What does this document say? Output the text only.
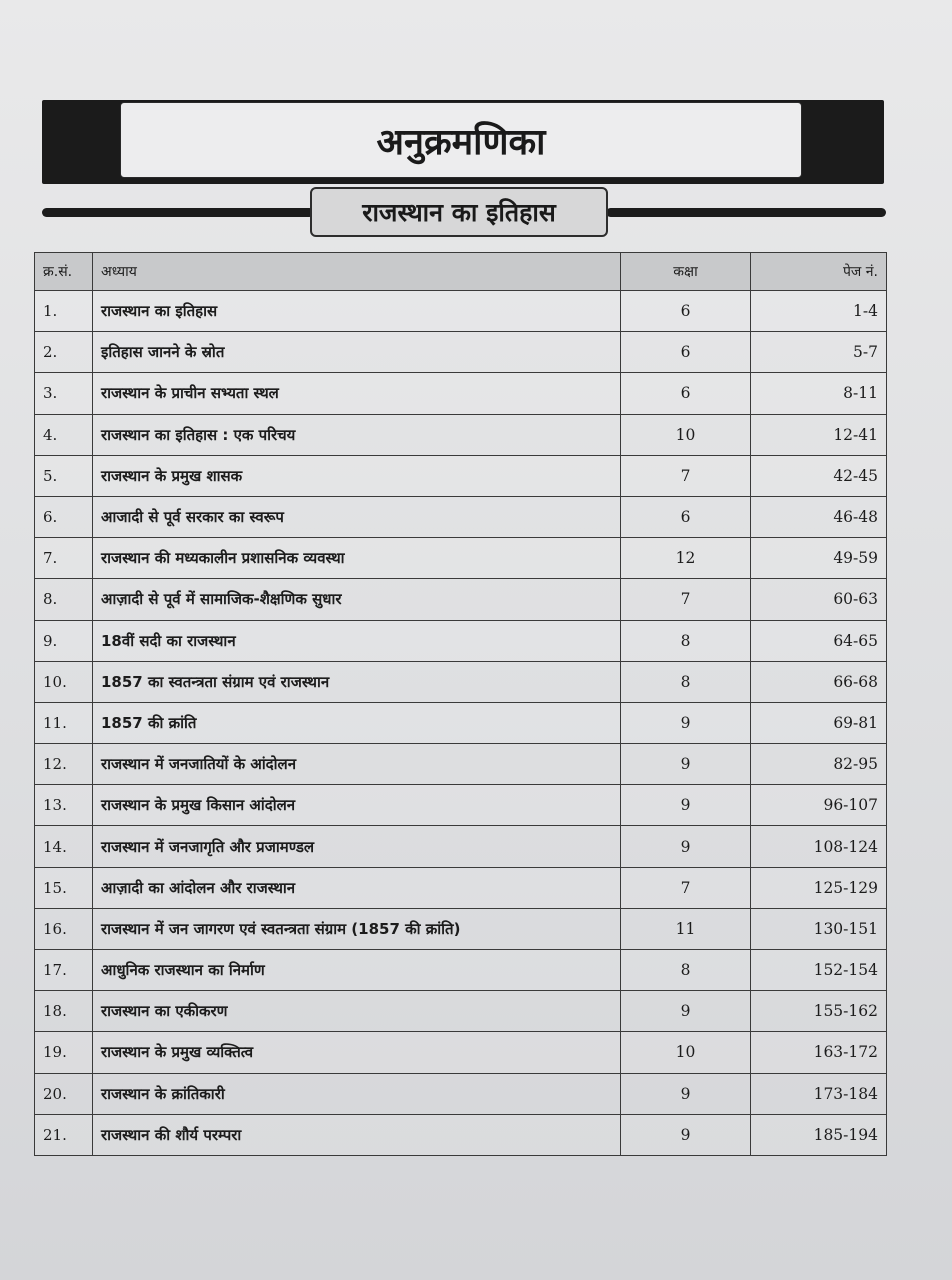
अनुक्रमणिका
राजस्थान का इतिहास
क्र.सं.	अध्याय	कक्षा	पेज नं.
1.	राजस्थान का इतिहास	6	1-4
2.	इतिहास जानने के स्रोत	6	5-7
3.	राजस्थान के प्राचीन सभ्यता स्थल	6	8-11
4.	राजस्थान का इतिहास : एक परिचय	10	12-41
5.	राजस्थान के प्रमुख शासक	7	42-45
6.	आजादी से पूर्व सरकार का स्वरूप	6	46-48
7.	राजस्थान की मध्यकालीन प्रशासनिक व्यवस्था	12	49-59
8.	आज़ादी से पूर्व में सामाजिक-शैक्षणिक सुधार	7	60-63
9.	18वीं सदी का राजस्थान	8	64-65
10.	1857 का स्वतन्त्रता संग्राम एवं राजस्थान	8	66-68
11.	1857 की क्रांति	9	69-81
12.	राजस्थान में जनजातियों के आंदोलन	9	82-95
13.	राजस्थान के प्रमुख किसान आंदोलन	9	96-107
14.	राजस्थान में जनजागृति और प्रजामण्डल	9	108-124
15.	आज़ादी का आंदोलन और राजस्थान	7	125-129
16.	राजस्थान में जन जागरण एवं स्वतन्त्रता संग्राम (1857 की क्रांति)	11	130-151
17.	आधुनिक राजस्थान का निर्माण	8	152-154
18.	राजस्थान का एकीकरण	9	155-162
19.	राजस्थान के प्रमुख व्यक्तित्व	10	163-172
20.	राजस्थान के क्रांतिकारी	9	173-184
21.	राजस्थान की शौर्य परम्परा	9	185-194
